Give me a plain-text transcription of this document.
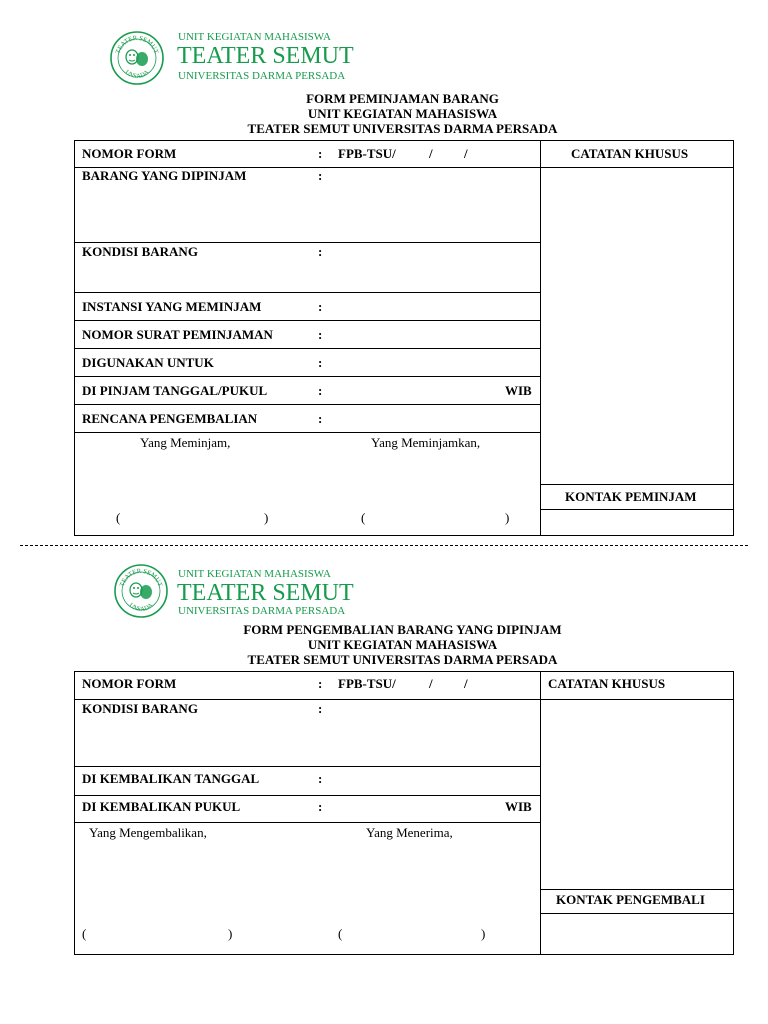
TEATER SEMUT
UNSADA
UNIT KEGIATAN MAHASISWA
TEATER SEMUT
UNIVERSITAS DARMA PERSADA
FORM PEMINJAMAN BARANG
UNIT KEGIATAN MAHASISWA
TEATER SEMUT UNIVERSITAS DARMA PERSADA
NOMOR FORM	: FPB-TSU/	/ /	CATATAN KHUSUS
BARANG YANG DIPINJAM	:
KONDISI BARANG	:
INSTANSI YANG MEMINJAM	:
NOMOR SURAT PEMINJAMAN	:
DIGUNAKAN UNTUK	:
DI PINJAM TANGGAL/PUKUL	:	WIB
RENCANA PENGEMBALIAN	:
Yang Meminjam,	Yang Meminjamkan,
(	)	(	)
KONTAK PEMINJAM
TEATER SEMUT
UNSADA
UNIT KEGIATAN MAHASISWA
TEATER SEMUT
UNIVERSITAS DARMA PERSADA
FORM PENGEMBALIAN BARANG YANG DIPINJAM
UNIT KEGIATAN MAHASISWA
TEATER SEMUT UNIVERSITAS DARMA PERSADA
NOMOR FORM	: FPB-TSU/	/ /	CATATAN KHUSUS
KONDISI BARANG	:
DI KEMBALIKAN TANGGAL	:
DI KEMBALIKAN PUKUL	:	WIB
Yang Mengembalikan,	Yang Menerima,
(	)	(	)
KONTAK PENGEMBALI
